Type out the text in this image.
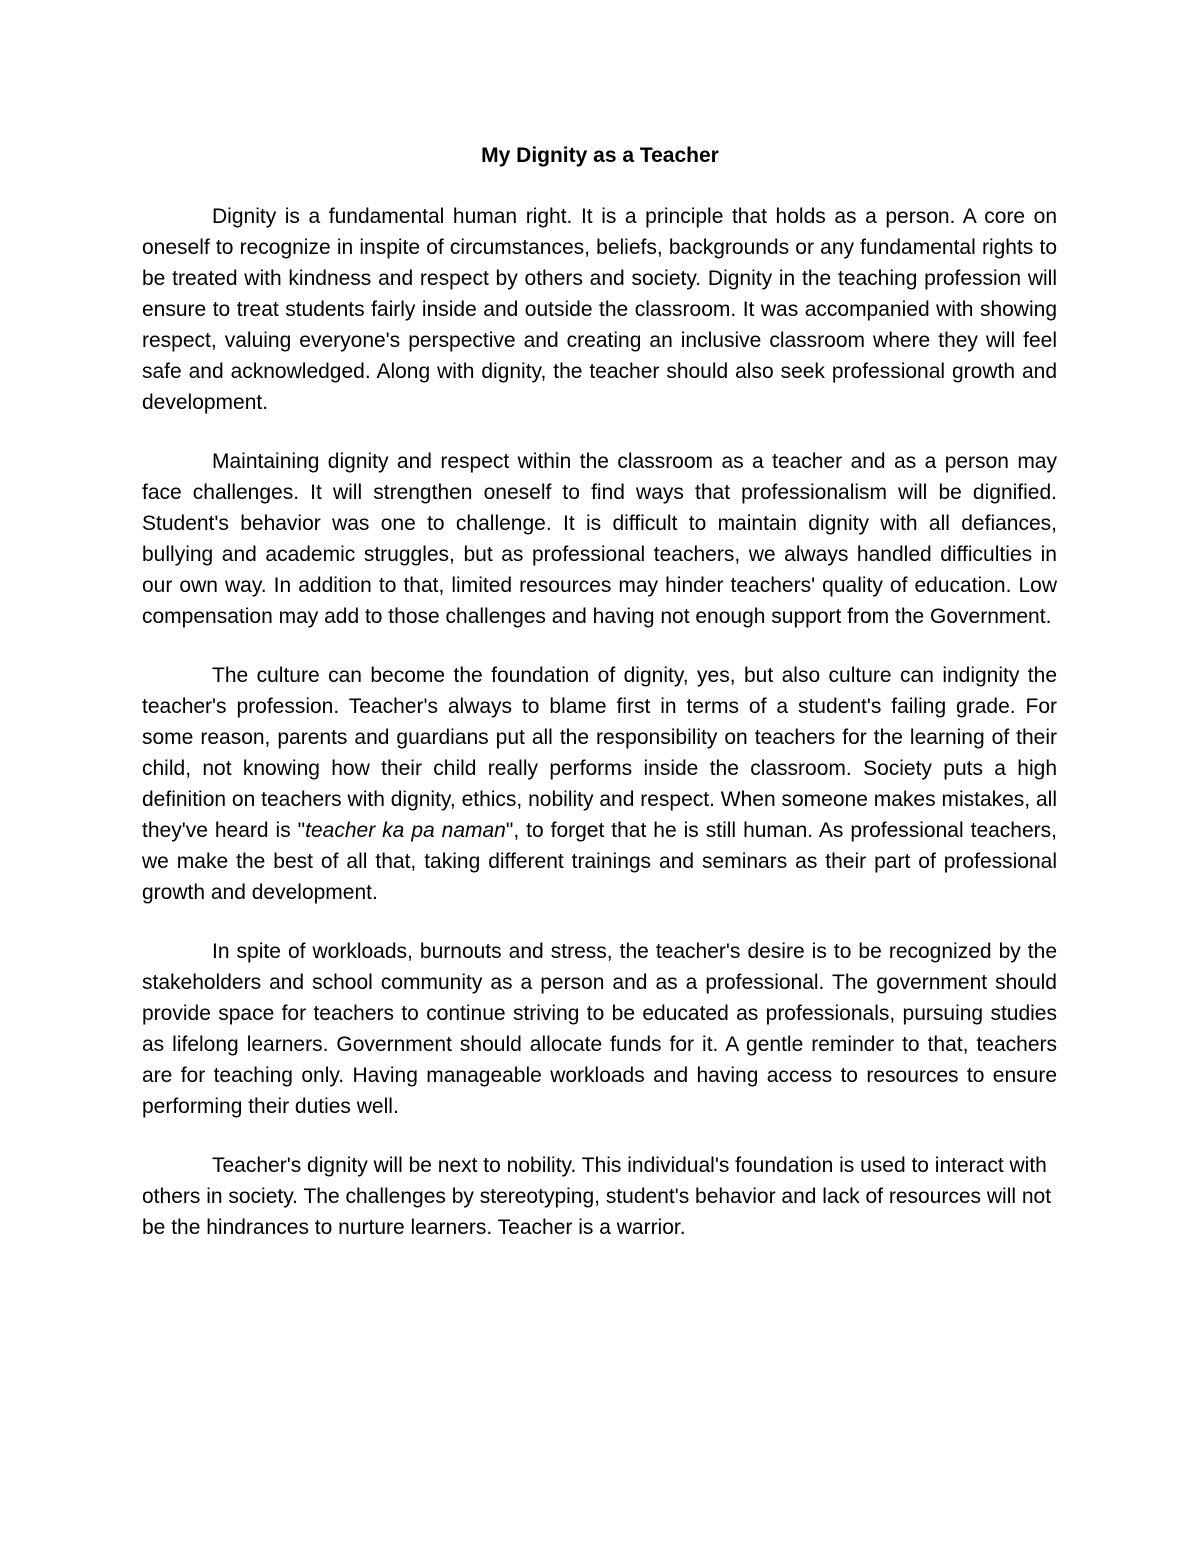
My Dignity as a Teacher

Dignity is a fundamental human right. It is a principle that holds as a person. A core on oneself to recognize in inspite of circumstances, beliefs, backgrounds or any fundamental rights to be treated with kindness and respect by others and society. Dignity in the teaching profession will ensure to treat students fairly inside and outside the classroom. It was accompanied with showing respect, valuing everyone's perspective and creating an inclusive classroom where they will feel safe and acknowledged. Along with dignity, the teacher should also seek professional growth and development.

Maintaining dignity and respect within the classroom as a teacher and as a person may face challenges. It will strengthen oneself to find ways that professionalism will be dignified. Student's behavior was one to challenge. It is difficult to maintain dignity with all defiances, bullying and academic struggles, but as professional teachers, we always handled difficulties in our own way. In addition to that, limited resources may hinder teachers' quality of education. Low compensation may add to those challenges and having not enough support from the Government.

The culture can become the foundation of dignity, yes, but also culture can indignity the teacher's profession. Teacher's always to blame first in terms of a student's failing grade. For some reason, parents and guardians put all the responsibility on teachers for the learning of their child, not knowing how their child really performs inside the classroom. Society puts a high definition on teachers with dignity, ethics, nobility and respect. When someone makes mistakes, all they've heard is "teacher ka pa naman", to forget that he is still human. As professional teachers, we make the best of all that, taking different trainings and seminars as their part of professional growth and development.

In spite of workloads, burnouts and stress, the teacher's desire is to be recognized by the stakeholders and school community as a person and as a professional. The government should provide space for teachers to continue striving to be educated as professionals, pursuing studies as lifelong learners. Government should allocate funds for it. A gentle reminder to that, teachers are for teaching only. Having manageable workloads and having access to resources to ensure performing their duties well.

Teacher's dignity will be next to nobility. This individual's foundation is used to interact with others in society. The challenges by stereotyping, student's behavior and lack of resources will not be the hindrances to nurture learners. Teacher is a warrior.
